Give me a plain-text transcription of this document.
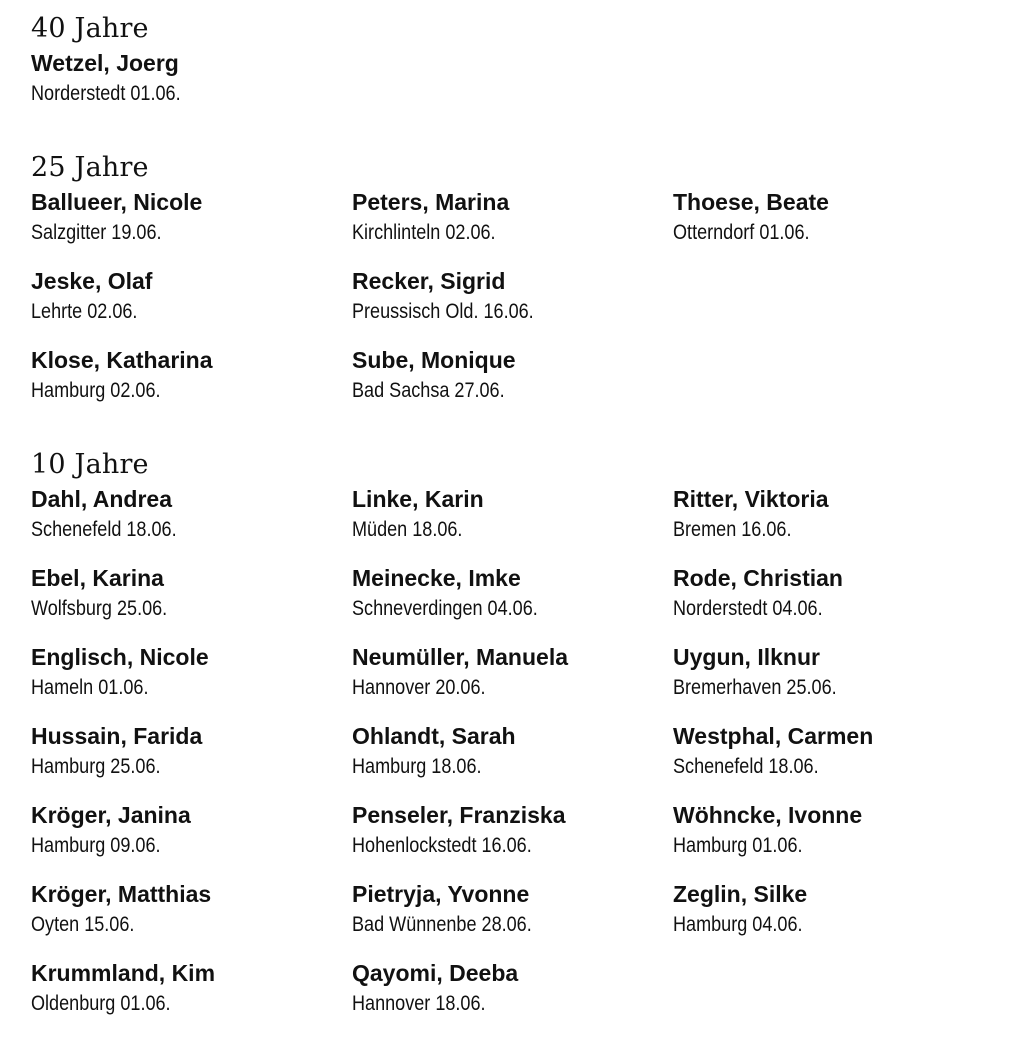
40 Jahre
Wetzel, Joerg
Norderstedt 01.06.
25 Jahre
Ballueer, Nicole
Salzgitter 19.06.
Jeske, Olaf
Lehrte 02.06.
Klose, Katharina
Hamburg 02.06.
Peters, Marina
Kirchlinteln 02.06.
Recker, Sigrid
Preussisch Old. 16.06.
Sube, Monique
Bad Sachsa 27.06.
Thoese, Beate
Otterndorf 01.06.
10 Jahre
Dahl, Andrea
Schenefeld 18.06.
Ebel, Karina
Wolfsburg 25.06.
Englisch, Nicole
Hameln 01.06.
Hussain, Farida
Hamburg 25.06.
Kröger, Janina
Hamburg 09.06.
Kröger, Matthias
Oyten 15.06.
Krummland, Kim
Oldenburg 01.06.
Linke, Karin
Müden 18.06.
Meinecke, Imke
Schneverdingen 04.06.
Neumüller, Manuela
Hannover 20.06.
Ohlandt, Sarah
Hamburg 18.06.
Penseler, Franziska
Hohenlockstedt 16.06.
Pietryja, Yvonne
Bad Wünnenbe 28.06.
Qayomi, Deeba
Hannover 18.06.
Ritter, Viktoria
Bremen 16.06.
Rode, Christian
Norderstedt 04.06.
Uygun, Ilknur
Bremerhaven 25.06.
Westphal, Carmen
Schenefeld 18.06.
Wöhncke, Ivonne
Hamburg 01.06.
Zeglin, Silke
Hamburg 04.06.
